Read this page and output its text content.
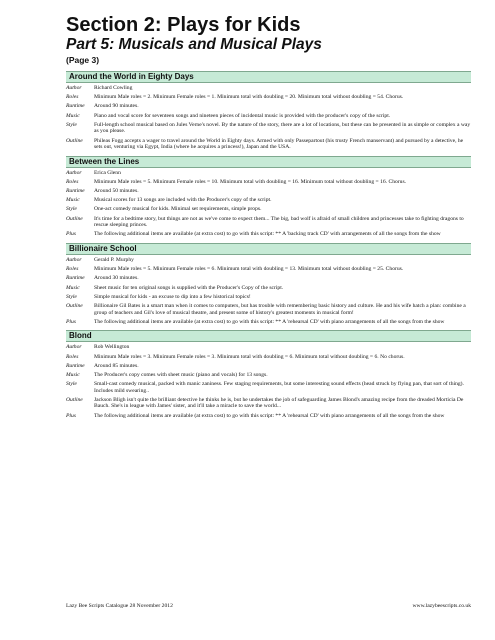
Section 2: Plays for Kids
Part 5: Musicals and Musical Plays
(Page 3)
Around the World in Eighty Days
Author	Richard Cowling
Roles	Minimum Male roles = 2. Minimum Female roles = 1. Minimum total with doubling = 20. Minimum total without doubling = 54. Chorus.
Runtime	Around 90 minutes.
Music	Piano and vocal score for seventeen songs and nineteen pieces of incidental music is provided with the producer's copy of the script.
Style	Full-length school musical based on Jules Verne's novel. By the nature of the story, there are a lot of locations, but these can be presented in as simple or complex a way as you please.
Outline	Phileas Fogg accepts a wager to travel around the World in Eighty days. Armed with only Passepartout (his trusty French manservant) and pursued by a detective, he sets out, venturing via Egypt, India (where he acquires a princess!), Japan and the USA.
Between the Lines
Author	Erica Glenn
Roles	Minimum Male roles = 5. Minimum Female roles = 10. Minimum total with doubling = 16. Minimum total without doubling = 16. Chorus.
Runtime	Around 50 minutes.
Music	Musical scores for 13 songs are included with the Producer's copy of the script.
Style	One-act comedy musical for kids. Minimal set requirements, simple props.
Outline	It's time for a bedtime story, but things are not as we've come to expect them... The big, bad wolf is afraid of small children and princesses take to fighting dragons to rescue sleeping princes.
Plus	The following additional items are available (at extra cost) to go with this script: ** A 'backing track CD' with arrangements of all the songs from the show
Billionaire School
Author	Gerald P. Murphy
Roles	Minimum Male roles = 5. Minimum Female roles = 6. Minimum total with doubling = 13. Minimum total without doubling = 25. Chorus.
Runtime	Around 30 minutes.
Music	Sheet music for ten original songs is supplied with the Producer's Copy of the script.
Style	Simple musical for kids - an excuse to dip into a few historical topics!
Outline	Billionaire Gil Bates is a smart man when it comes to computers, but has trouble with remembering basic history and culture. He and his wife hatch a plan: combine a group of teachers and Gil's love of musical theatre, and present some of history's greatest moments in musical form!
Plus	The following additional items are available (at extra cost) to go with this script: ** A 'rehearsal CD' with piano arrangements of all the songs from the show
Blond
Author	Rob Wellington
Roles	Minimum Male roles = 3. Minimum Female roles = 3. Minimum total with doubling = 6. Minimum total without doubling = 6. No chorus.
Runtime	Around 85 minutes.
Music	The Producer's copy comes with sheet music (piano and vocals) for 13 songs.
Style	Small-cast comedy musical, packed with manic zaniness. Few staging requirements, but some interesting sound effects (head struck by flying pan, that sort of thing). Includes mild swearing..
Outline	Jackson Bligh isn't quite the brilliant detective he thinks he is, but he undertakes the job of safeguarding James Blond's amazing recipe from the dreaded Morticia De Bauch. She's in league with James' sister, and it'll take a miracle to save the world...
Plus	The following additional items are available (at extra cost) to go with this script: ** A 'rehearsal CD' with piano arrangements of all the songs from the show
Lazy Bee Scripts Catalogue 28 November 2012	www.lazybeescripts.co.uk
